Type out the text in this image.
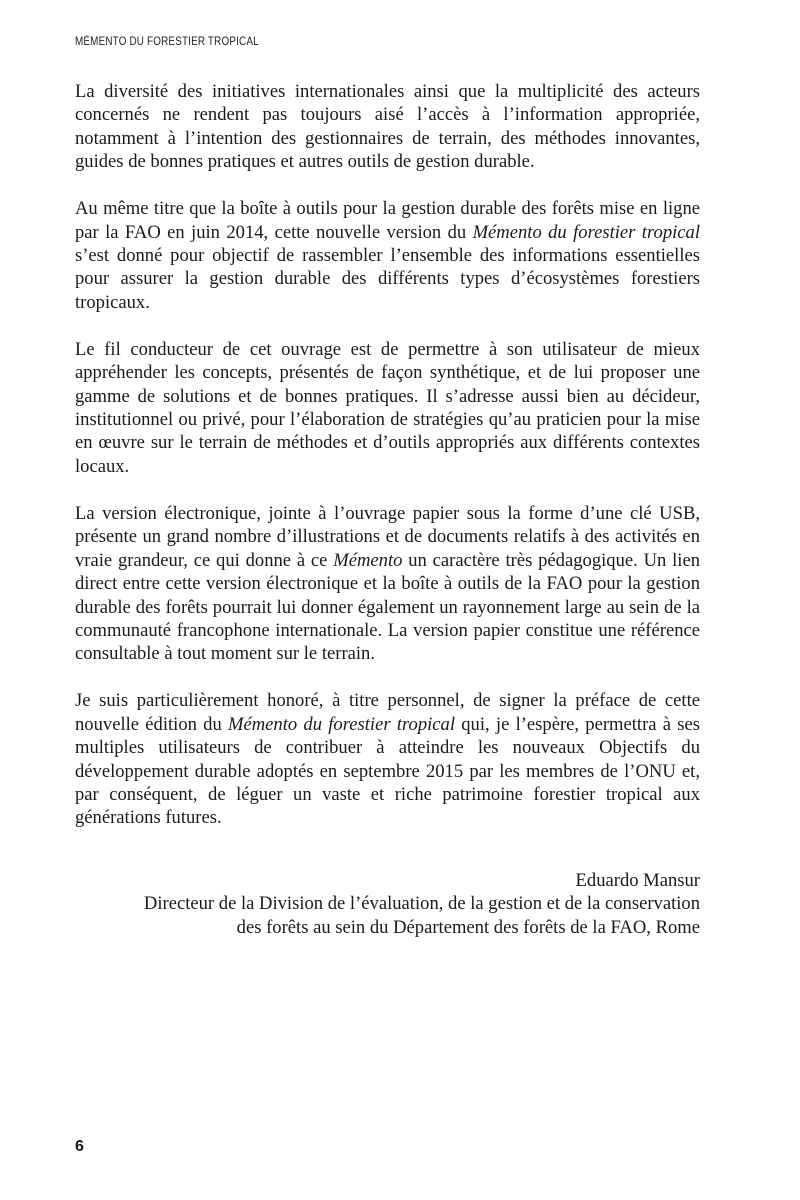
MÉMENTO DU FORESTIER TROPICAL

La diversité des initiatives internationales ainsi que la multiplicité des acteurs concernés ne rendent pas toujours aisé l’accès à l’information appropriée, notamment à l’intention des gestionnaires de terrain, des méthodes innovantes, guides de bonnes pratiques et autres outils de gestion durable.

Au même titre que la boîte à outils pour la gestion durable des forêts mise en ligne par la FAO en juin 2014, cette nouvelle version du Mémento du forestier tropical s’est donné pour objectif de rassembler l’ensemble des informations essentielles pour assurer la gestion durable des différents types d’écosystèmes forestiers tropicaux.

Le fil conducteur de cet ouvrage est de permettre à son utilisateur de mieux appréhender les concepts, présentés de façon synthétique, et de lui proposer une gamme de solutions et de bonnes pratiques. Il s’adresse aussi bien au décideur, institutionnel ou privé, pour l’élaboration de stratégies qu’au praticien pour la mise en œuvre sur le terrain de méthodes et d’outils appropriés aux différents contextes locaux.

La version électronique, jointe à l’ouvrage papier sous la forme d’une clé USB, présente un grand nombre d’illustrations et de documents relatifs à des activités en vraie grandeur, ce qui donne à ce Mémento un caractère très pédagogique. Un lien direct entre cette version électronique et la boîte à outils de la FAO pour la gestion durable des forêts pourrait lui donner également un rayonnement large au sein de la communauté francophone internationale. La version papier constitue une référence consultable à tout moment sur le terrain.

Je suis particulièrement honoré, à titre personnel, de signer la préface de cette nouvelle édition du Mémento du forestier tropical qui, je l’espère, permettra à ses multiples utilisateurs de contribuer à atteindre les nouveaux Objectifs du développement durable adoptés en septembre 2015 par les membres de l’ONU et, par conséquent, de léguer un vaste et riche patrimoine forestier tropical aux générations futures.

Eduardo Mansur
Directeur de la Division de l’évaluation, de la gestion et de la conservation
des forêts au sein du Département des forêts de la FAO, Rome
6
